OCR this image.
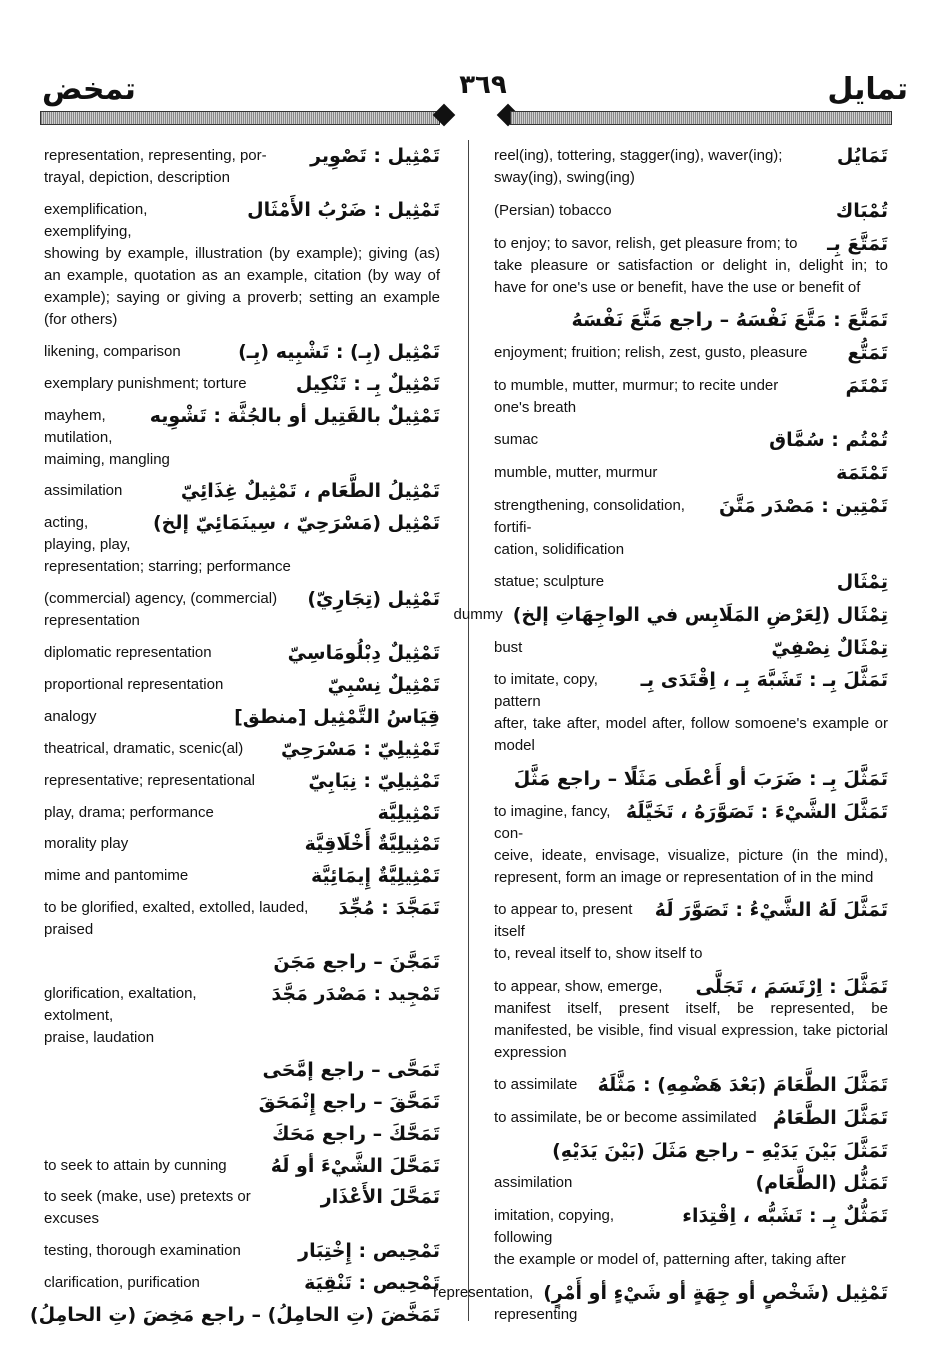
تمخض	٣٦٩	تمايل
تَمْثِيل : تَصْوِير
representation, representing, por-
trayal, depiction, description
تَمْثِيل : ضَرْبُ الأَمْثَال
exemplification, exemplifying,
showing by example, illustration (by example); giving (as) an example, quotation as an example, citation (by way of example); saying or giving a proverb; setting an example (for others)
تَمْثِيل (بِـ) : تَشْبِيه (بِـ)
likening, comparison
تَمْثِيلٌ بِـ : تَنْكِيل
exemplary punishment; torture
تَمْثِيلٌ بالقَتِيل أو بالجُثَّة : تَشْوِيه
mayhem, mutilation,
maiming, mangling
تَمْثِيلُ الطَّعَام ، تَمْثِيلٌ غِذَائِيّ
assimilation
تَمْثِيل (مَسْرَحِيّ ، سِينَمَائِيّ إلخ)
acting, playing, play,
representation; starring; performance
تَمْثِيل (تِجَارِيّ)
(commercial) agency, (commercial)
representation
تَمْثِيلٌ دِبْلُومَاسِيّ
diplomatic representation
تَمْثِيلٌ نِسْبِيّ
proportional representation
قِيَاسُ التَّمْثِيل [منطق]
analogy
تَمْثِيلِيّ : مَسْرَحِيّ
theatrical, dramatic, scenic(al)
تَمْثِيلِيّ : نِيَابِيّ
representative; representational
تَمْثِيلِيَّة
play, drama; performance
تَمْثِيلِيَّةٌ أَخْلَاقِيَّة
morality play
تَمْثِيلِيَّةٌ إِيمَائِيَّة
mime and pantomime
تَمَجَّدَ : مُجِّدَ
to be glorified, exalted, extolled, lauded,
praised
تَمَجَّنَ – راجع مَجَنَ
تَمْجِيد : مَصْدَر مَجَّدَ
glorification, exaltation, extolment,
praise, laudation
تَمَحَّى – راجع إمَّحَى
تَمَحَّقَ – راجع إِنْمَحَقَ
تَمَحَّكَ – راجع مَحَكَ
تَمَحَّلَ الشَّيْءَ أو لَهُ
to seek to attain by cunning
تَمَحَّلَ الأَعْذَار
to seek (make, use) pretexts or
excuses
تَمْحِيص : إِخْتِبَار
testing, thorough examination
تَمْحِيص : تَنْقِيَة
clarification, purification
تَمَخَّضَ (تِ الحامِلُ) – راجع مَخِضَ (تِ الحامِلُ)
تَمَايُل
reel(ing), tottering, stagger(ing), waver(ing);
sway(ing), swing(ing)
تُمْبَاك
(Persian) tobacco
تَمَتَّعَ بِـ
to enjoy; to savor, relish, get pleasure from; to
take pleasure or satisfaction or delight in, delight in; to have for one's use or benefit, have the use or benefit of
تَمَتَّعَ : مَتَّعَ نَفْسَهُ – راجع مَتَّعَ نَفْسَهُ
تَمَتُّع
enjoyment; fruition; relish, zest, gusto, pleasure
تَمْتَمَ
to mumble, mutter, murmur; to recite under
one's breath
تُمْتُم : سُمَّاق
sumac
تَمْتَمَة
mumble, mutter, murmur
تَمْتِين : مَصْدَر مَتَّنَ
strengthening, consolidation, fortifi-
cation, solidification
تِمْثَال
statue; sculpture
تِمْثَال (لِعَرْضِ المَلَابِس في الواجِهَاتِ إلخ)
dummy
تِمْثَالٌ نِصْفِيّ
bust
تَمَثَّلَ بِـ : تَشَبَّهَ بِـ ، اِقْتَدَى بِـ
to imitate, copy, pattern
after, take after, model after, follow somoene's example or model
تَمَثَّلَ بِـ : ضَرَبَ أو أَعْطَى مَثَلًا – راجع مَثَّلَ
تَمَثَّلَ الشَّيْءَ : تَصَوَّرَهُ ، تَخَيَّلَهُ
to imagine, fancy, con-
ceive, ideate, envisage, visualize, picture (in the mind), represent, form an image or representation of in the mind
تَمَثَّلَ لَهُ الشَّيْءُ : تَصَوَّرَ لَهُ
to appear to, present itself
to, reveal itself to, show itself to
تَمَثَّلَ : اِرْتَسَمَ ، تَجَلَّى
to appear, show, emerge,
manifest itself, present itself, be represented, be manifested, be visible, find visual expression, take pictorial expression
تَمَثَّلَ الطَّعَامَ (بَعْدَ هَضْمِهِ) : مَثَّلَهُ
to assimilate
تَمَثَّلَ الطَّعَامُ
to assimilate, be or become assimilated
تَمَثَّلَ بَيْنَ يَدَيْهِ – راجع مَثَلَ (بَيْنَ يَدَيْهِ)
تَمَثُّل (الطَّعَام)
assimilation
تَمَثُّلٌ بِـ : تَشَبُّه ، اِقْتِدَاء
imitation, copying, following
the example or model of, patterning after, taking after
تَمْثِيل (شَخْصٍ أو جِهَةٍ أو شَيْءٍ أو أَمْرٍ)
representation,
representing
